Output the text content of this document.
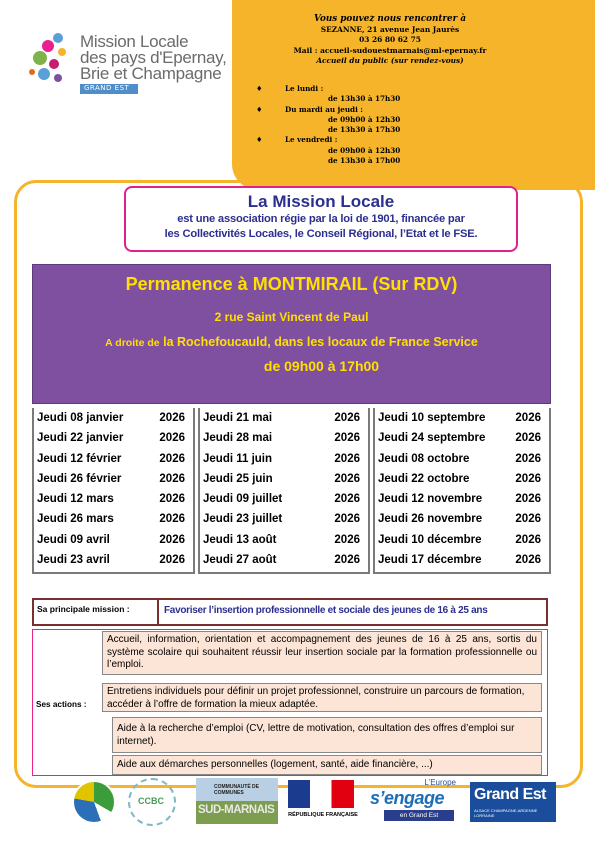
Mission Locale
des pays d'Epernay,
Brie et Champagne
GRAND EST
Vous pouvez nous rencontrer à
SEZANNE, 21 avenue Jean Jaurès
03 26 80 62 75
Mail : accueil-sudouestmarnais@ml-epernay.fr
Accueil du public (sur rendez-vous)
♦	Le lundi :
de 13h30 à 17h30
♦	Du mardi au jeudi :
de 09h00 à 12h30
de 13h30 à 17h30
♦	Le vendredi :
de 09h00 à 12h30
de 13h30 à 17h00
La Mission Locale
est une association régie par la loi de 1901, financée par
les Collectivités Locales, le Conseil Régional, l’Etat et le FSE.
Permanence à MONTMIRAIL (Sur RDV)
2 rue Saint Vincent de Paul
A droite de la Rochefoucauld, dans les locaux de France Service
de 09h00 à 17h00
Jeudi 08 janvier	2026
Jeudi 22 janvier	2026
Jeudi 12 février	2026
Jeudi 26 février	2026
Jeudi 12 mars	2026
Jeudi 26 mars	2026
Jeudi 09 avril	2026
Jeudi 23 avril	2026
Jeudi 21 mai	2026
Jeudi 28 mai	2026
Jeudi 11 juin	2026
Jeudi 25 juin	2026
Jeudi 09 juillet	2026
Jeudi 23 juillet	2026
Jeudi 13 août	2026
Jeudi 27 août	2026
Jeudi 10 septembre	2026
Jeudi 24 septembre	2026
Jeudi 08 octobre	2026
Jeudi 22 octobre	2026
Jeudi 12 novembre	2026
Jeudi 26 novembre	2026
Jeudi 10 décembre	2026
Jeudi 17 décembre	2026
Sa principale mission :	Favoriser l’insertion professionnelle et sociale des jeunes de 16 à 25 ans
Ses actions :
Accueil, information, orientation et accompagnement des jeunes de 16 à 25 ans, sortis du système scolaire qui souhaitent réussir leur insertion sociale par la formation professionnelle ou l’emploi.
Entretiens individuels pour définir un projet professionnel, construire un parcours de formation, accéder à l’offre de formation la mieux adaptée.
Aide à la recherche d’emploi (CV, lettre de motivation, consultation des offres d’emploi sur internet).
Aide aux démarches personnelles (logement, santé, aide financière, ...)
CCBC
COMMUNAUTÉ DE COMMUNES
SUD-MARNAIS	RÉPUBLIQUE FRANÇAISE
L’Europe
s’engage
en Grand Est
Grand Est
ALSACE CHAMPAGNE-ARDENNE LORRAINE
